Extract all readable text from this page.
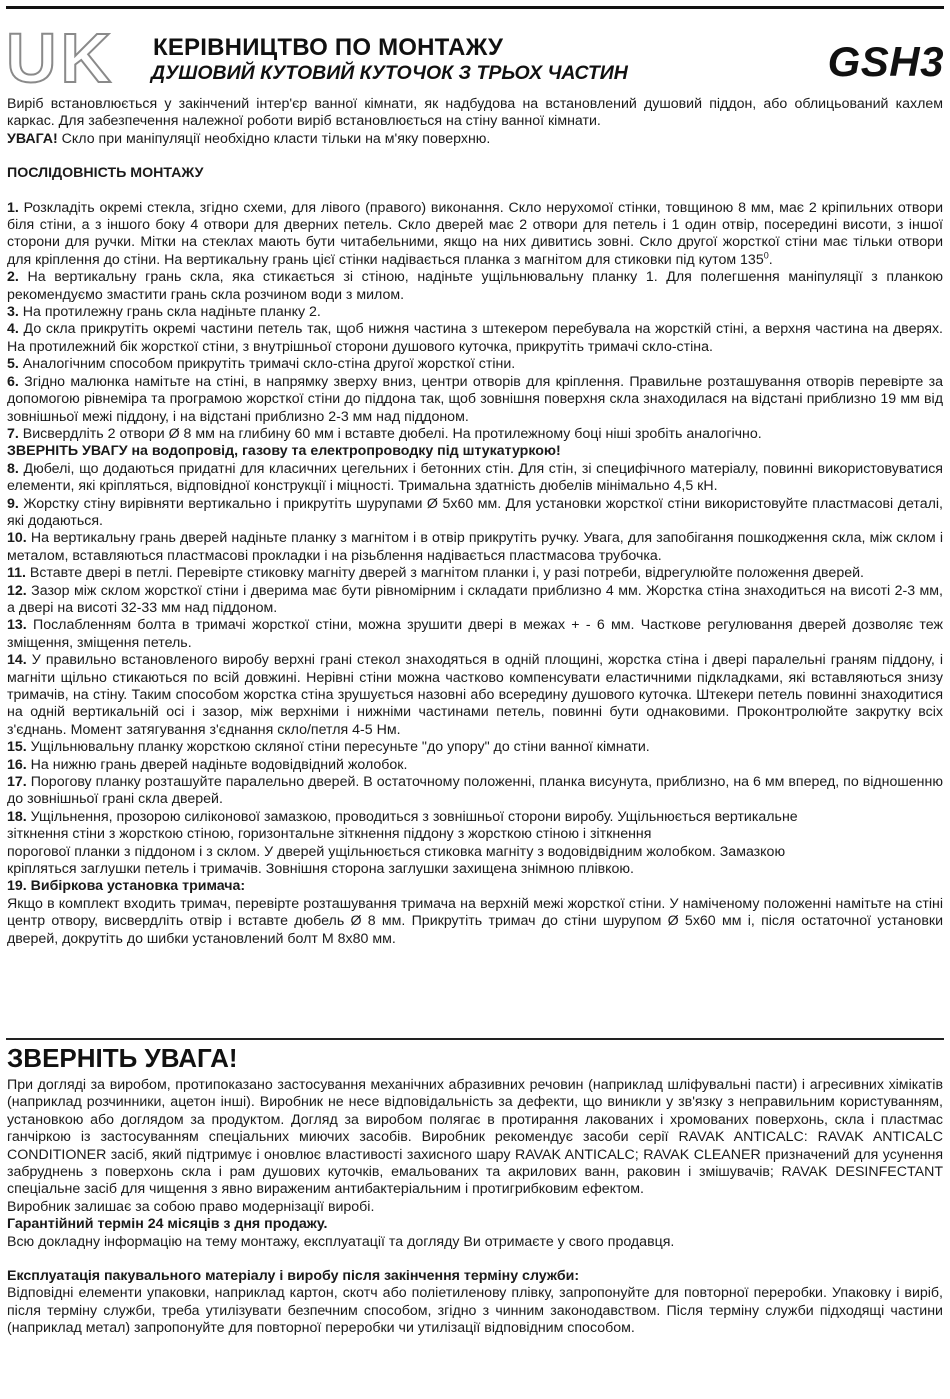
UK КЕРІВНИЦТВО ПО МОНТАЖУ
ДУШОВИЙ КУТОВИЙ КУТОЧОК З ТРЬОХ ЧАСТИН	GSH3

Виріб встановлюється у закінчений інтер'єр ванної кімнати, як надбудова на встановлений душовий піддон, або облицьований кахлем каркас. Для забезпечення належної роботи виріб встановлюється на стіну ванної кімнати.

УВАГА! Скло при маніпуляції необхідно класти тільки на м'яку поверхню.

ПОСЛІДОВНІСТЬ МОНТАЖУ

1. Розкладіть окремі стекла, згідно схеми, для лівого (правого) виконання. Скло нерухомої стінки, товщиною 8 мм, має 2 кріпильних отвори біля стіни, а з іншого боку 4 отвори для дверних петель. Скло дверей має 2 отвори для петель і 1 один отвір, посередині висоти, з іншої сторони для ручки. Мітки на стеклах мають бути читабельними, якщо на них дивитись зовні. Скло другої жорсткої стіни має тільки отвори для кріплення до стіни. На вертикальну грань цієї стінки надівається планка з магнітом для стиковки під кутом $135^0$.

2. На вертикальну грань скла, яка стикається зі стіною, надіньте ущільнювальну планку 1. Для полегшення маніпуляції з планкою рекомендуємо змастити грань скла розчином води з милом.

3. На протилежну грань скла надіньте планку 2.

4. До скла прикрутіть окремі частини петель так, щоб нижня частина з штекером перебувала на жорсткій стіні, а верхня частина на дверях. На протилежний бік жорсткої стіни, з внутрішньої сторони душового куточка, прикрутіть тримачі скло-стіна.

5. Аналогічним способом прикрутіть тримачі скло-стіна другої жорсткої стіни.

6. Згідно малюнка намітьте на стіні, в напрямку зверху вниз, центри отворів для кріплення. Правильне розташування отворів перевірте за допомогою рівнеміра та програмою жорсткої стіни до піддона так, щоб зовнішня поверхня скла знаходилася на відстані приблизно 19 мм від зовнішньої межі піддону, і на відстані приблизно 2-3 мм над піддоном.

7. Висвердліть 2 отвори Ø 8 мм на глибину 60 мм і вставте дюбелі. На протилежному боці ніші зробіть аналогічно.

ЗВЕРНІТЬ УВАГУ на водопровід, газову та електропроводку під штукатуркою!

8. Дюбелі, що додаються придатні для класичних цегельних і бетонних стін. Для стін, зі специфічного матеріалу, повинні використовуватися елементи, які кріпляться, відповідної конструкції і міцності. Тримальна здатність дюбелів мінімально 4,5 кН.

9. Жорстку стіну вирівняти вертикально і прикрутіть шурупами Ø 5x60 мм. Для установки жорсткої стіни використовуйте пластмасові деталі, які додаються.

10. На вертикальну грань дверей надіньте планку з магнітом і в отвір прикрутіть ручку. Увага, для запобігання пошкодження скла, між склом і металом, вставляються пластмасові прокладки і на різьблення надівається пластмасова трубочка.

11. Вставте двері в петлі. Перевірте стиковку магніту дверей з магнітом планки і, у разі потреби, відрегулюйте положення дверей.

12. Зазор між склом жорсткої стіни і дверима має бути рівномірним і складати приблизно 4 мм. Жорстка стіна знаходиться на висоті 2-3 мм, а двері на висоті 32-33 мм над піддоном.

13. Послабленням болта в тримачі жорсткої стіни, можна зрушити двері в межах + - 6 мм. Часткове регулювання дверей дозволяє теж зміщення, зміщення петель.

14. У правильно встановленого виробу верхні грані стекол знаходяться в одній площині, жорстка стіна і двері паралельні граням піддону, і магніти щільно стикаються по всій довжині. Нерівні стіни можна частково компенсувати еластичними підкладками, які вставляються знизу тримачів, на стіну. Таким способом жорстка стіна зрушується назовні або всередину душового куточка. Штекери петель повинні знаходитися на одній вертикальній осі і зазор, між верхніми і нижніми частинами петель, повинні бути однаковими. Проконтролюйте закрутку всіх з'єднань. Момент затягування з'єднання скло/петля 4-5 Нм.

15. Ущільнювальну планку жорсткою скляної стіни пересуньте "до упору" до стіни ванної кімнати.

16. На нижню грань дверей надіньте водовідвідний жолобок.

17. Порогову планку розташуйте паралельно дверей. В остаточному положенні, планка висунута, приблизно, на 6 мм вперед, по відношенню до зовнішньої грані скла дверей.

18. Ущільнення, прозорою силіконової замазкою, проводиться з зовнішньої сторони виробу. Ущільнюється вертикальне
зіткнення стіни з жорсткою стіною, горизонтальне зіткнення піддону з жорсткою стіною і зіткнення
порогової планки з піддоном і з склом. У дверей ущільнюється стиковка магніту з водовідвідним жолобком. Замазкою
кріпляться заглушки петель і тримачів. Зовнішня сторона заглушки захищена знімною плівкою.

19. Вибіркова установка тримача:
Якщо в комплект входить тримач, перевірте розташування тримача на верхній межі жорсткої стіни. У наміченому положенні намітьте на стіні центр отвору, висвердліть отвір і вставте дюбель Ø 8 мм. Прикрутіть тримач до стіни шурупом Ø 5x60 мм і, після остаточної установки дверей, докрутіть до шибки установлений болт М 8x80 мм.

ЗВЕРНІТЬ УВАГА!

При догляді за виробом, протипоказано застосування механічних абразивних речовин (наприклад шліфувальні пасти) і агресивних хімікатів (наприклад розчинники, ацетон інші). Виробник не несе відповідальність за дефекти, що виникли у зв'язку з неправильним користуванням, установкою або доглядом за продуктом. Догляд за виробом полягає в протирання лакованих і хромованих поверхонь, скла і пластмас ганчіркою із застосуванням спеціальних миючих засобів. Виробник рекомендує засоби серії RAVAK ANTICALC: RAVAK ANTICALC CONDITIONER засіб, який підтримує і оновлює властивості захисного шару RAVAK ANTICALC; RAVAK CLEANER призначений для усунення забруднень з поверхонь скла і рам душових куточків, емальованих та акрилових ванн, раковин і змішувачів; RAVAK DESINFECTANT спеціальне засіб для чищення з явно вираженим антибактеріальним і протигрибковим ефектом.

Виробник залишає за собою право модернізації виробі.

Гарантійний термін 24 місяців з дня продажу.

Всю докладну інформацію на тему монтажу, експлуатації та догляду Ви отримаєте у свого продавця.

Експлуатація пакувального матеріалу і виробу після закінчення терміну служби:

Відповідні елементи упаковки, наприклад картон, скотч або поліетиленову плівку, запропонуйте для повторної переробки. Упаковку і виріб, після терміну служби, треба утилізувати безпечним способом, згідно з чинним законодавством. Після терміну служби підходящі частини (наприклад метал) запропонуйте для повторної переробки чи утилізації відповідним способом.
